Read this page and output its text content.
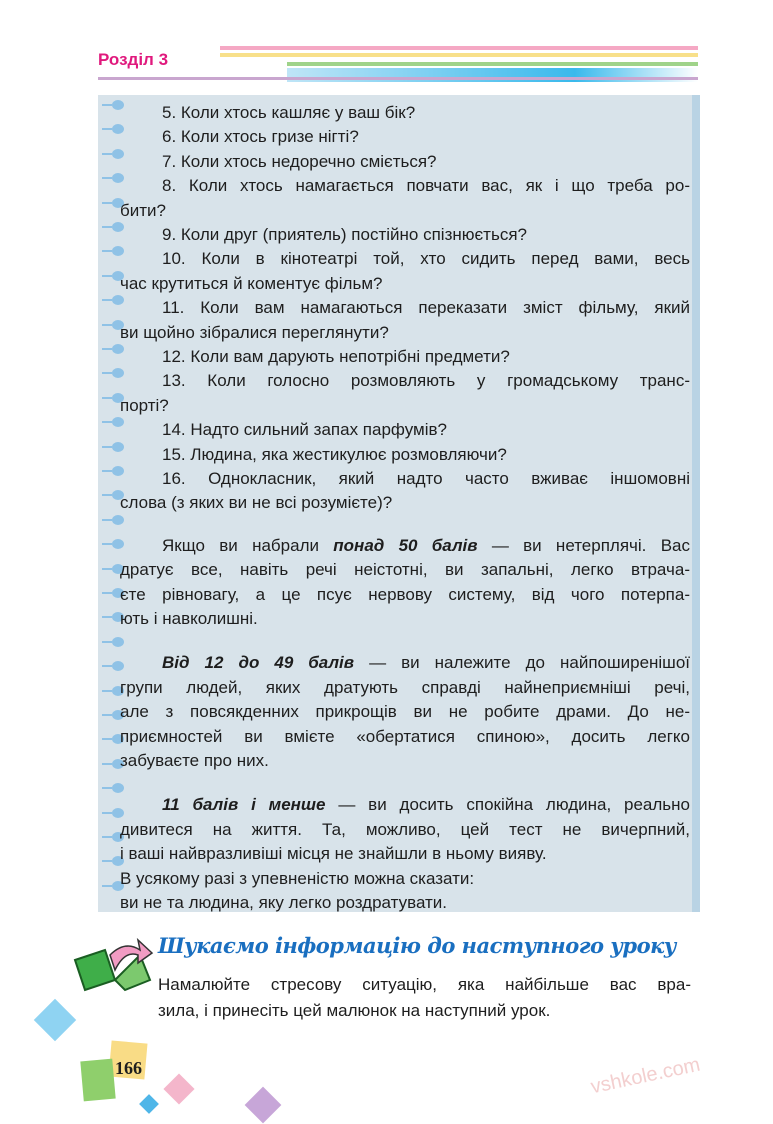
Розділ 3
5. Коли хтось кашляє у ваш бік?
6. Коли хтось гризе нігті?
7. Коли хтось недоречно сміється?
8. Коли хтось намагається повчати вас, як і що треба ро-
бити?
9. Коли друг (приятель) постійно спізнюється?
10. Коли в кінотеатрі той, хто сидить перед вами, весь
час крутиться й коментує фільм?
11. Коли вам намагаються переказати зміст фільму, який
ви щойно зібралися переглянути?
12. Коли вам дарують непотрібні предмети?
13. Коли голосно розмовляють у громадському транс-
порті?
14. Надто сильний запах парфумів?
15. Людина, яка жестикулює розмовляючи?
16. Однокласник, який надто часто вживає іншомовні
слова (з яких ви не всі розумієте)?
Якщо ви набрали понад 50 балів — ви нетерплячі. Вас
дратує все, навіть речі неістотні, ви запальні, легко втрача-
єте рівновагу, а це псує нервову систему, від чого потерпа-
ють і навколишні.
Від 12 до 49 балів — ви належите до найпоширенішої
групи людей, яких дратують справді найнеприємніші речі,
але з повсякденних прикрощів ви не робите драми. До не-
приємностей ви вмієте «обертатися спиною», досить легко
забуваєте про них.
11 балів і менше — ви досить спокійна людина, реально
дивитеся на життя. Та, можливо, цей тест не вичерпний,
і ваші найвразливіші місця не знайшли в ньому вияву.
В усякому разі з упевненістю можна сказати:
ви не та людина, яку легко роздратувати.
Шукаємо інформацію до наступного уроку
Намалюйте стресову ситуацію, яка найбільше вас вра-
зила, і принесіть цей малюнок на наступний урок.
166	vshkole.com
